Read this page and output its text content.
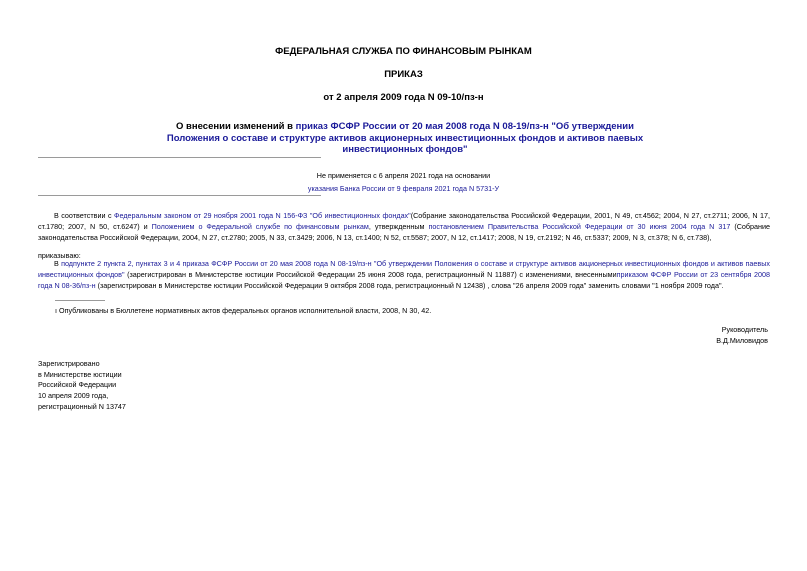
ФЕДЕРАЛЬНАЯ СЛУЖБА ПО ФИНАНСОВЫМ РЫНКАМ
ПРИКАЗ
от 2 апреля 2009 года N 09-10/пз-н
О внесении изменений в приказ ФСФР России от 20 мая 2008 года N 08-19/пз-н "Об утверждении Положения о составе и структуре активов акционерных инвестиционных фондов и активов паевых инвестиционных фондов"
Не применяется с 6 апреля 2021 года на основании
указания Банка России от 9 февраля 2021 года N 5731-У
В соответствии с Федеральным законом от 29 ноября 2001 года N 156-ФЗ "Об инвестиционных фондах"(Собрание законодательства Российской Федерации, 2001, N 49, ст.4562; 2004, N 27, ст.2711; 2006, N 17, ст.1780; 2007, N 50, ст.6247) и Положением о Федеральной службе по финансовым рынкам, утвержденным постановлением Правительства Российской Федерации от 30 июня 2004 года N 317 (Собрание законодательства Российской Федерации, 2004, N 27, ст.2780; 2005, N 33, ст.3429; 2006, N 13, ст.1400; N 52, ст.5587; 2007, N 12, ст.1417; 2008, N 19, ст.2192; N 46, ст.5337; 2009, N 3, ст.378; N 6, ст.738),
приказываю:
В подпункте 2 пункта 2, пунктах 3 и 4 приказа ФСФР России от 20 мая 2008 года N 08-19/пз-н "Об утверждении Положения о составе и структуре активов акционерных инвестиционных фондов и активов паевых инвестиционных фондов" (зарегистрирован в Министерстве юстиции Российской Федерации 25 июня 2008 года, регистрационный N 11887) с изменениями, внесеннымиприказом ФСФР России от 23 сентября 2008 года N 08-36/пз-н (зарегистрирован в Министерстве юстиции Российской Федерации 9 октября 2008 года, регистрационный N 12438) , слова "26 апреля 2009 года" заменить словами "1 ноября 2009 года".
ı Опубликованы в Бюллетене нормативных актов федеральных органов исполнительной власти, 2008, N 30, 42.
Руководитель
В.Д.Миловидов
Зарегистрировано
в Министерстве юстиции
Российской Федерации
10 апреля 2009 года,
регистрационный N 13747
